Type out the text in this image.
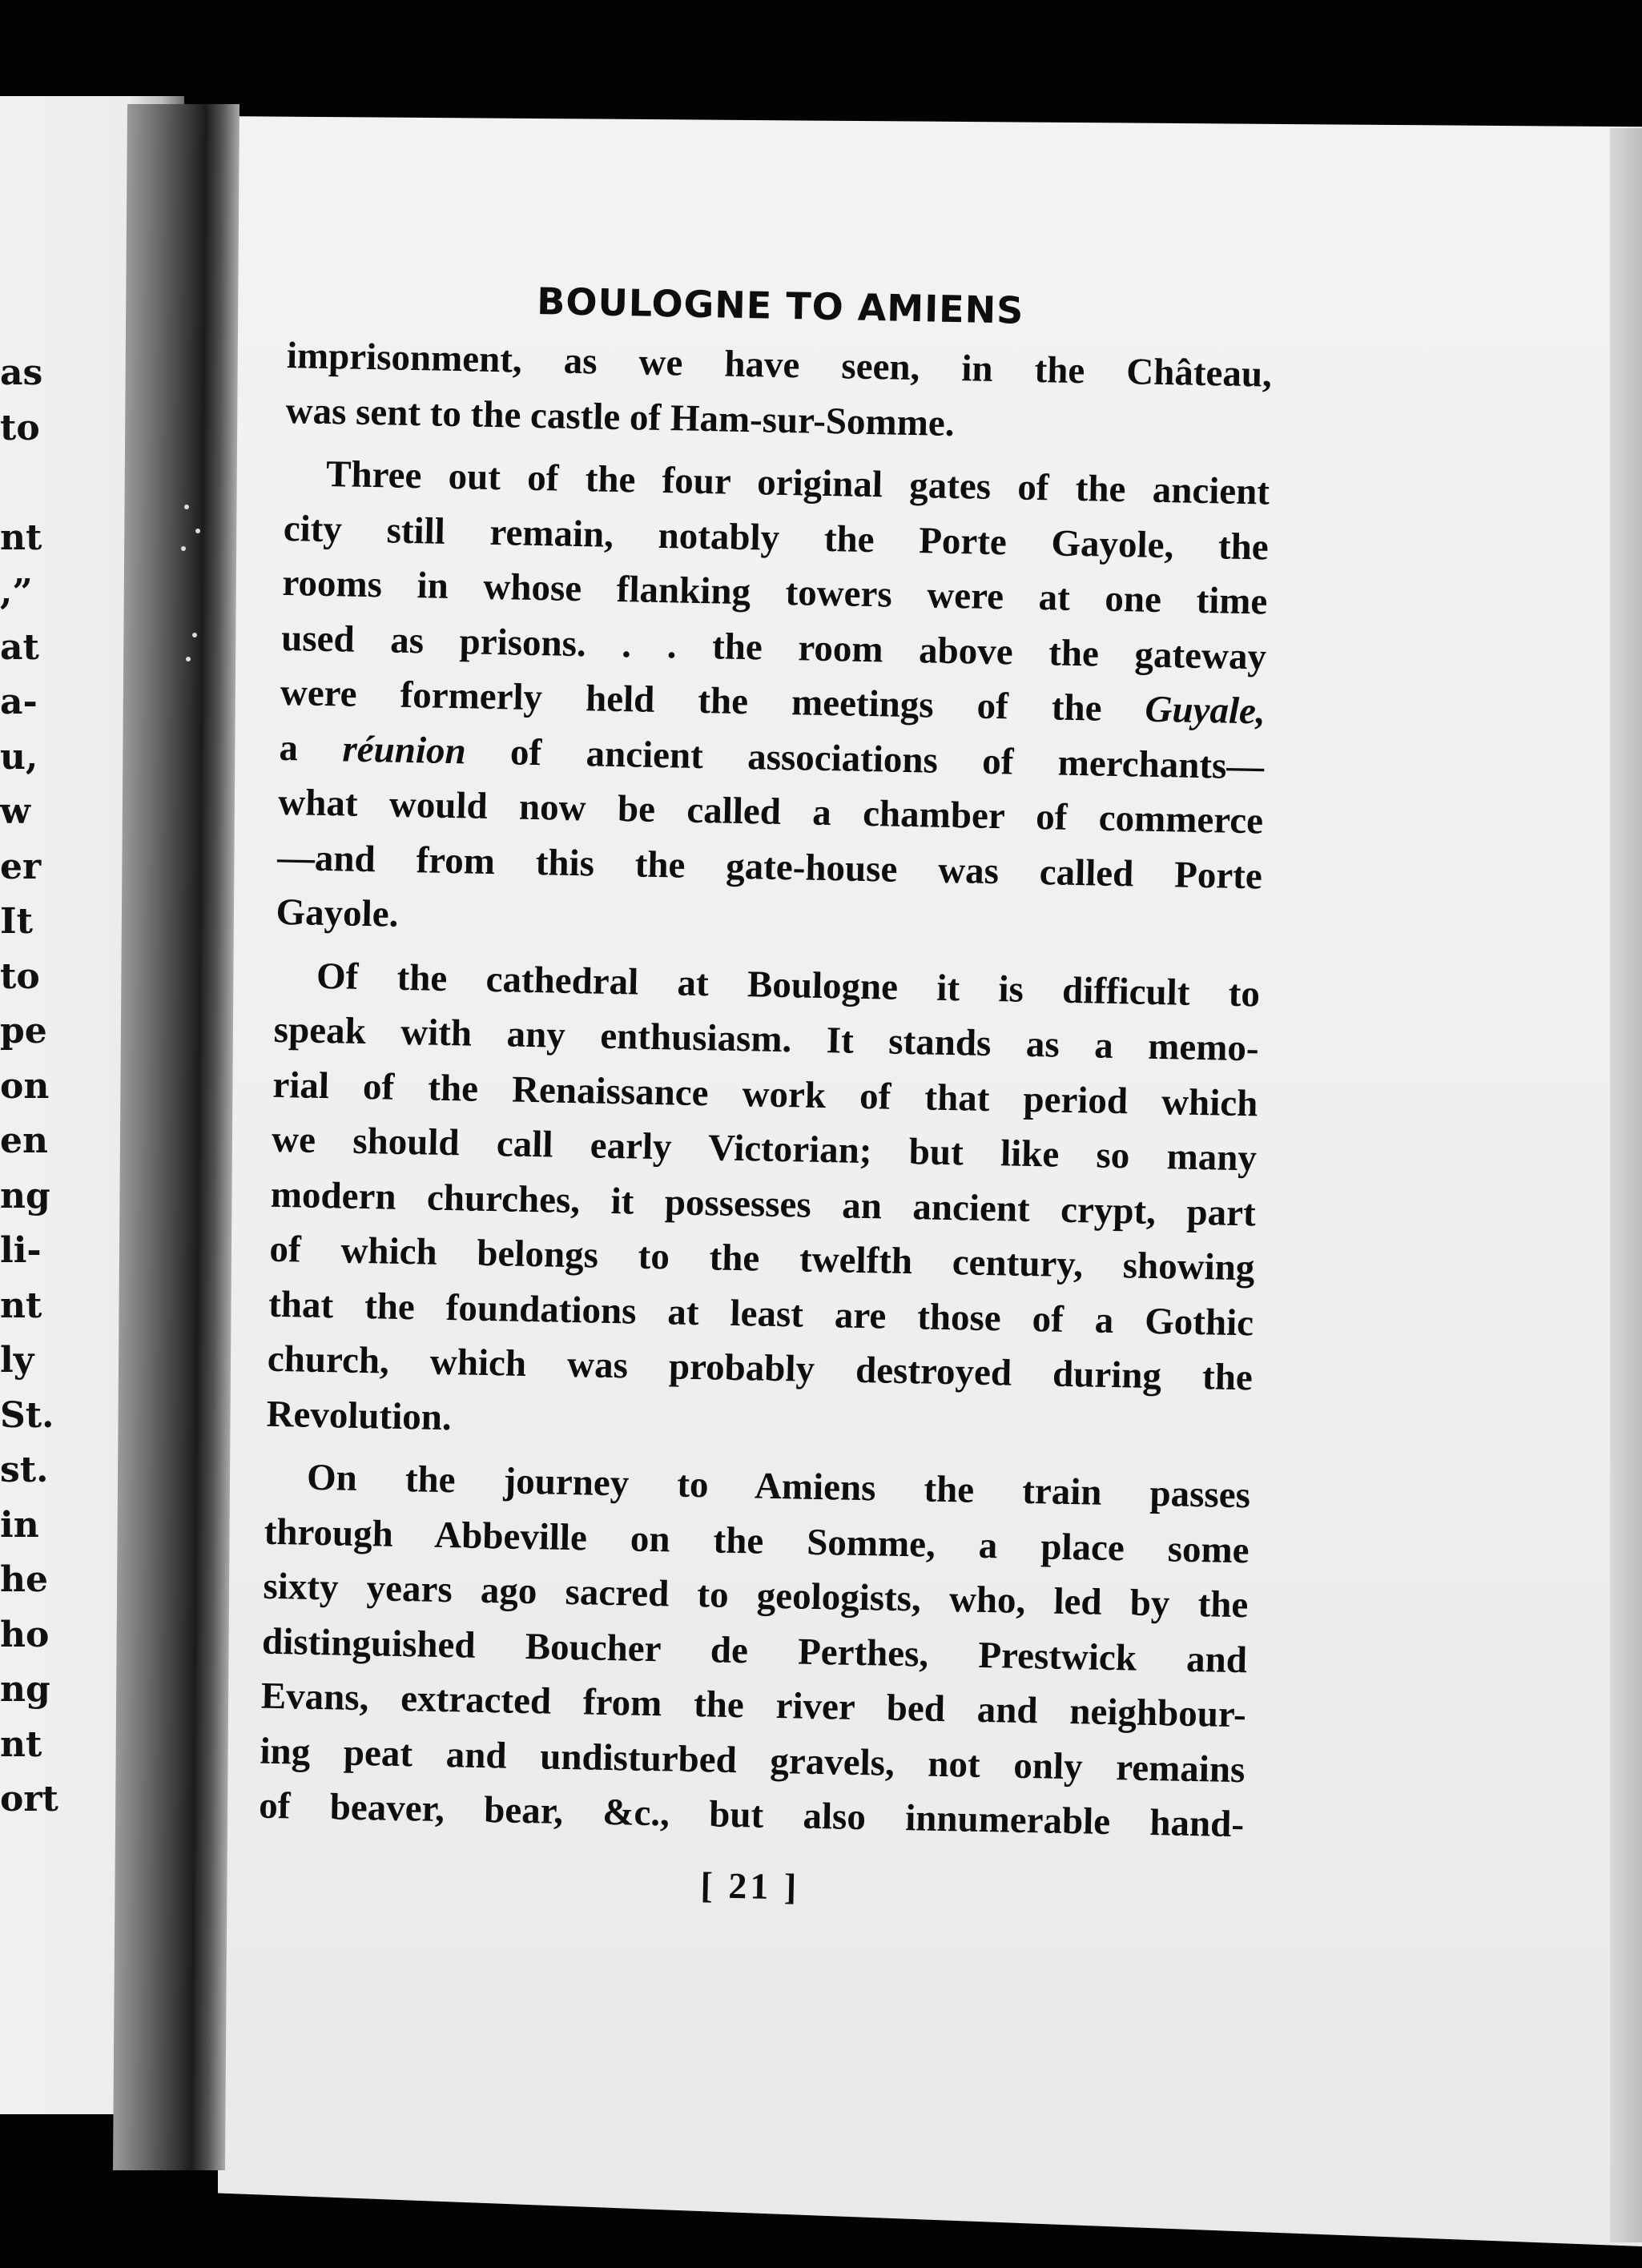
as
to
nt
,”
at
a-
u,
w
er
It
to
pe
on
en
ng
li-
nt
ly
St.
st.
in
he
ho
ng
nt
ort
BOULOGNE TO AMIENS
imprisonment, as we have seen, in the Château,
was sent to the castle of Ham-sur-Somme.
Three out of the four original gates of the ancient
city still remain, notably the Porte Gayole, the
rooms in whose flanking towers were at one time
used as prisons. . . the room above the gateway
were formerly held the meetings of the Guyale,
a réunion of ancient associations of merchants—
what would now be called a chamber of commerce
—and from this the gate-house was called Porte
Gayole.
Of the cathedral at Boulogne it is difficult to
speak with any enthusiasm. It stands as a memo-
rial of the Renaissance work of that period which
we should call early Victorian; but like so many
modern churches, it possesses an ancient crypt, part
of which belongs to the twelfth century, showing
that the foundations at least are those of a Gothic
church, which was probably destroyed during the
Revolution.
On the journey to Amiens the train passes
through Abbeville on the Somme, a place some
sixty years ago sacred to geologists, who, led by the
distinguished Boucher de Perthes, Prestwick and
Evans, extracted from the river bed and neighbour-
ing peat and undisturbed gravels, not only remains
of beaver, bear, &c., but also innumerable hand-
[ 21 ]
